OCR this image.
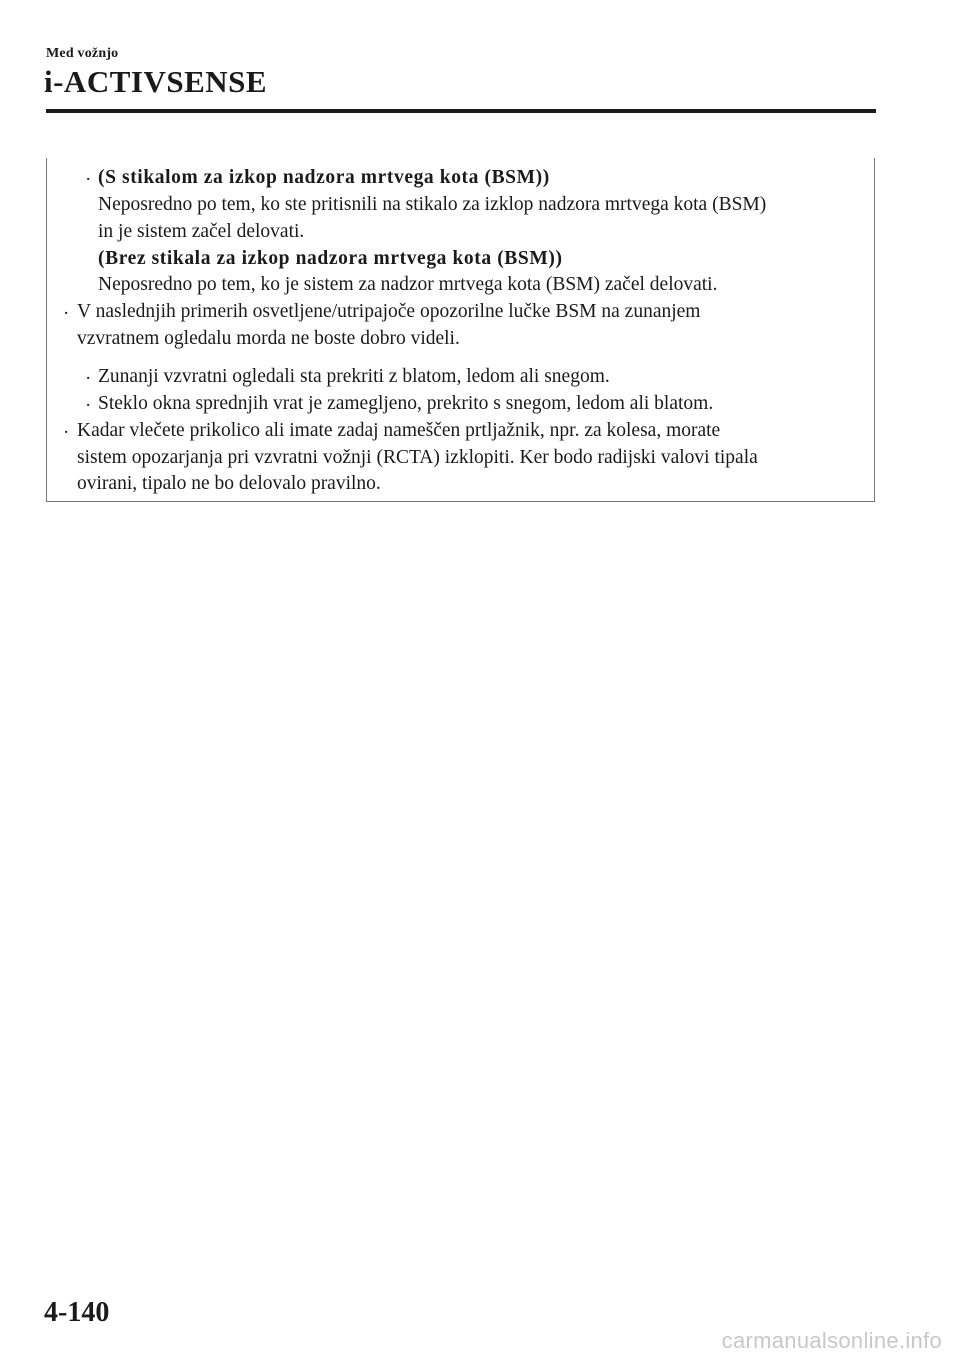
Med vožnjo
i-ACTIVSENSE
· (S stikalom za izkop nadzora mrtvega kota (BSM))
Neposredno po tem, ko ste pritisnili na stikalo za izklop nadzora mrtvega kota (BSM)
in je sistem začel delovati.
(Brez stikala za izkop nadzora mrtvega kota (BSM))
Neposredno po tem, ko je sistem za nadzor mrtvega kota (BSM) začel delovati.
· V naslednjih primerih osvetljene/utripajoče opozorilne lučke BSM na zunanjem
vzvratnem ogledalu morda ne boste dobro videli.
· Zunanji vzvratni ogledali sta prekriti z blatom, ledom ali snegom.
· Steklo okna sprednjih vrat je zamegljeno, prekrito s snegom, ledom ali blatom.
· Kadar vlečete prikolico ali imate zadaj nameščen prtljažnik, npr. za kolesa, morate
sistem opozarjanja pri vzvratni vožnji (RCTA) izklopiti. Ker bodo radijski valovi tipala
ovirani, tipalo ne bo delovalo pravilno.
4-140
carmanualsonline.info
